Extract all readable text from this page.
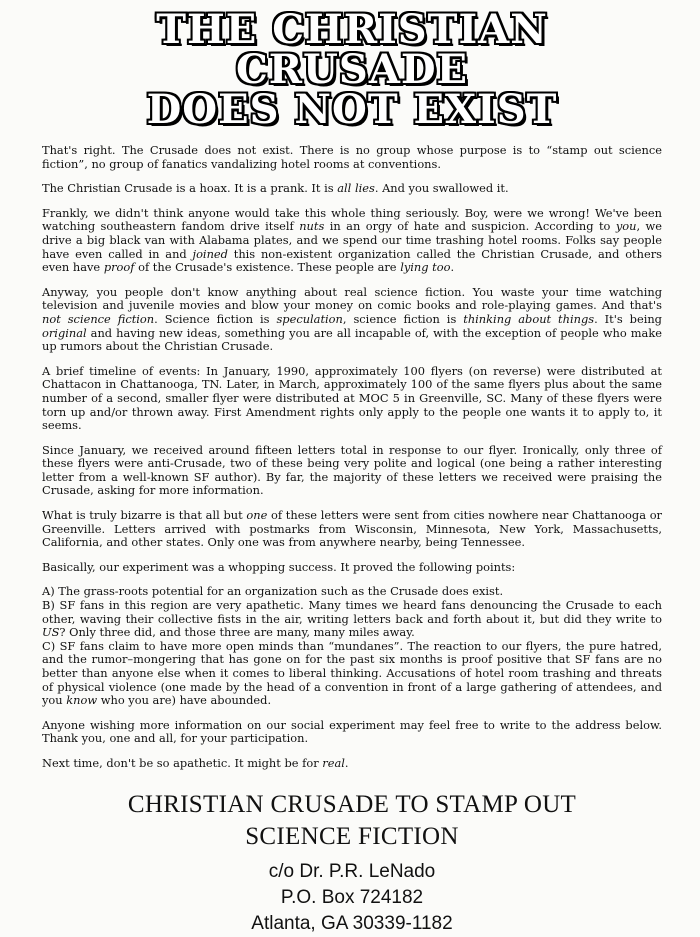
THE CHRISTIAN CRUSADE
DOES NOT EXIST

That's right. The Crusade does not exist. There is no group whose purpose is to “stamp out science fiction”, no group of fanatics vandalizing hotel rooms at conventions.

The Christian Crusade is a hoax. It is a prank. It is all lies. And you swallowed it.

Frankly, we didn't think anyone would take this whole thing seriously. Boy, were we wrong! We've been watching southeastern fandom drive itself nuts in an orgy of hate and suspicion. According to you, we drive a big black van with Alabama plates, and we spend our time trashing hotel rooms. Folks say people have even called in and joined this non-existent organization called the Christian Crusade, and others even have proof of the Crusade's existence. These people are lying too.

Anyway, you people don't know anything about real science fiction. You waste your time watching television and juvenile movies and blow your money on comic books and role-playing games. And that's not science fiction. Science fiction is speculation, science fiction is thinking about things. It's being original and having new ideas, something you are all incapable of, with the exception of people who make up rumors about the Christian Crusade.

A brief timeline of events: In January, 1990, approximately 100 flyers (on reverse) were distributed at Chattacon in Chattanooga, TN. Later, in March, approximately 100 of the same flyers plus about the same number of a second, smaller flyer were distributed at MOC 5 in Greenville, SC. Many of these flyers were torn up and/or thrown away. First Amendment rights only apply to the people one wants it to apply to, it seems.

Since January, we received around fifteen letters total in response to our flyer. Ironically, only three of these flyers were anti-Crusade, two of these being very polite and logical (one being a rather interesting letter from a well-known SF author). By far, the majority of these letters we received were praising the Crusade, asking for more information.

What is truly bizarre is that all but one of these letters were sent from cities nowhere near Chattanooga or Greenville. Letters arrived with postmarks from Wisconsin, Minnesota, New York, Massachusetts, California, and other states. Only one was from anywhere nearby, being Tennessee.

Basically, our experiment was a whopping success. It proved the following points:

A) The grass-roots potential for an organization such as the Crusade does exist.

B) SF fans in this region are very apathetic. Many times we heard fans denouncing the Crusade to each other, waving their collective fists in the air, writing letters back and forth about it, but did they write to US? Only three did, and those three are many, many miles away.

C) SF fans claim to have more open minds than “mundanes”. The reaction to our flyers, the pure hatred, and the rumor–mongering that has gone on for the past six months is proof positive that SF fans are no better than anyone else when it comes to liberal thinking. Accusations of hotel room trashing and threats of physical violence (one made by the head of a convention in front of a large gathering of attendees, and you know who you are) have abounded.

Anyone wishing more information on our social experiment may feel free to write to the address below. Thank you, one and all, for your participation.

Next time, don't be so apathetic. It might be for real.

CHRISTIAN CRUSADE TO STAMP OUT
SCIENCE FICTION
c/o Dr. P.R. LeNado
P.O. Box 724182
Atlanta, GA 30339-1182
